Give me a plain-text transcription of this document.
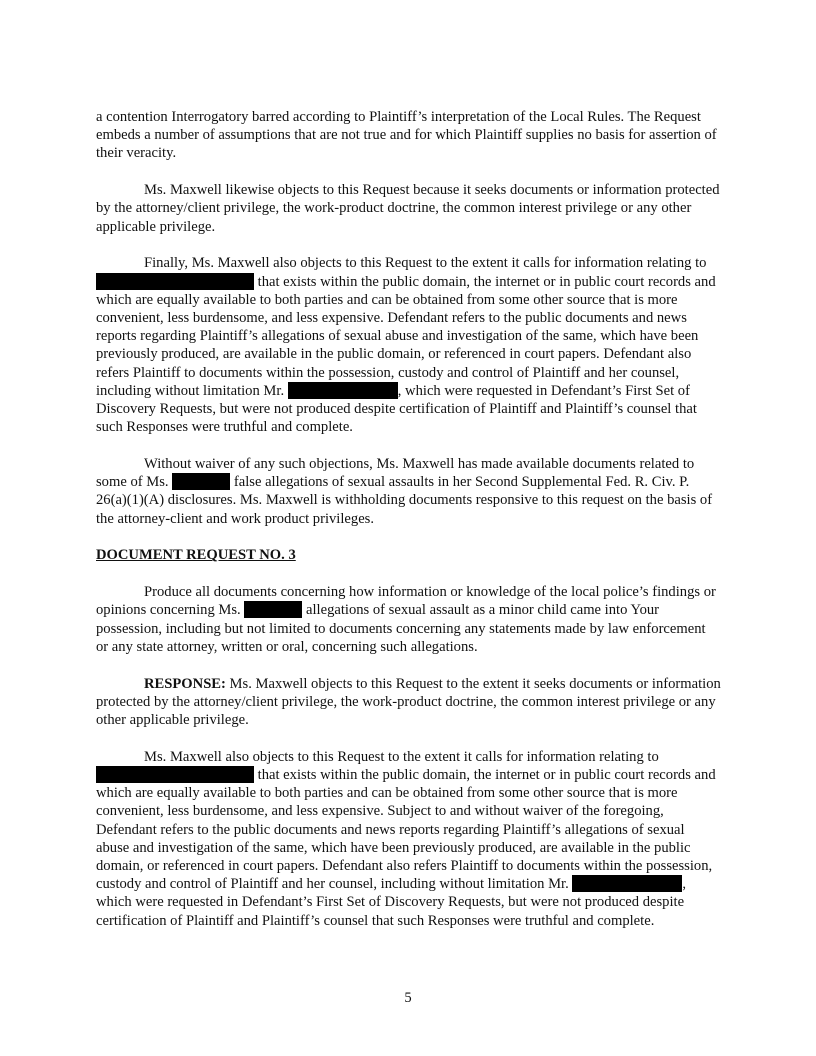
a contention Interrogatory barred according to Plaintiff’s interpretation of the Local Rules. The Request embeds a number of assumptions that are not true and for which Plaintiff supplies no basis for assertion of their veracity.

Ms. Maxwell likewise objects to this Request because it seeks documents or information protected by the attorney/client privilege, the work-product doctrine, the common interest privilege or any other applicable privilege.

Finally, Ms. Maxwell also objects to this Request to the extent it calls for information relating to  that exists within the public domain, the internet or in public court records and which are equally available to both parties and can be obtained from some other source that is more convenient, less burdensome, and less expensive. Defendant refers to the public documents and news reports regarding Plaintiff’s allegations of sexual abuse and investigation of the same, which have been previously produced, are available in the public domain, or referenced in court papers. Defendant also refers Plaintiff to documents within the possession, custody and control of Plaintiff and her counsel, including without limitation Mr.	, which were requested in Defendant’s First Set of Discovery Requests, but were not produced despite certification of Plaintiff and Plaintiff’s counsel that such Responses were truthful and complete.

Without waiver of any such objections, Ms. Maxwell has made available documents related to some of Ms.	false allegations of sexual assaults in her Second Supplemental Fed. R. Civ. P. 26(a)(1)(A) disclosures. Ms. Maxwell is withholding documents responsive to this request on the basis of the attorney-client and work product privileges.

DOCUMENT REQUEST NO. 3

Produce all documents concerning how information or knowledge of the local police’s findings or opinions concerning Ms.	allegations of sexual assault as a minor child came into Your possession, including but not limited to documents concerning any statements made by law enforcement or any state attorney, written or oral, concerning such allegations.

RESPONSE: Ms. Maxwell objects to this Request to the extent it seeks documents or information protected by the attorney/client privilege, the work-product doctrine, the common interest privilege or any other applicable privilege.

Ms. Maxwell also objects to this Request to the extent it calls for information relating to  that exists within the public domain, the internet or in public court records and which are equally available to both parties and can be obtained from some other source that is more convenient, less burdensome, and less expensive. Subject to and without waiver of the foregoing, Defendant refers to the public documents and news reports regarding Plaintiff’s allegations of sexual abuse and investigation of the same, which have been previously produced, are available in the public domain, or referenced in court papers. Defendant also refers Plaintiff to documents within the possession, custody and control of Plaintiff and her counsel, including without limitation Mr.	, which were requested in Defendant’s First Set of Discovery Requests, but were not produced despite certification of Plaintiff and Plaintiff’s counsel that such Responses were truthful and complete.

5
